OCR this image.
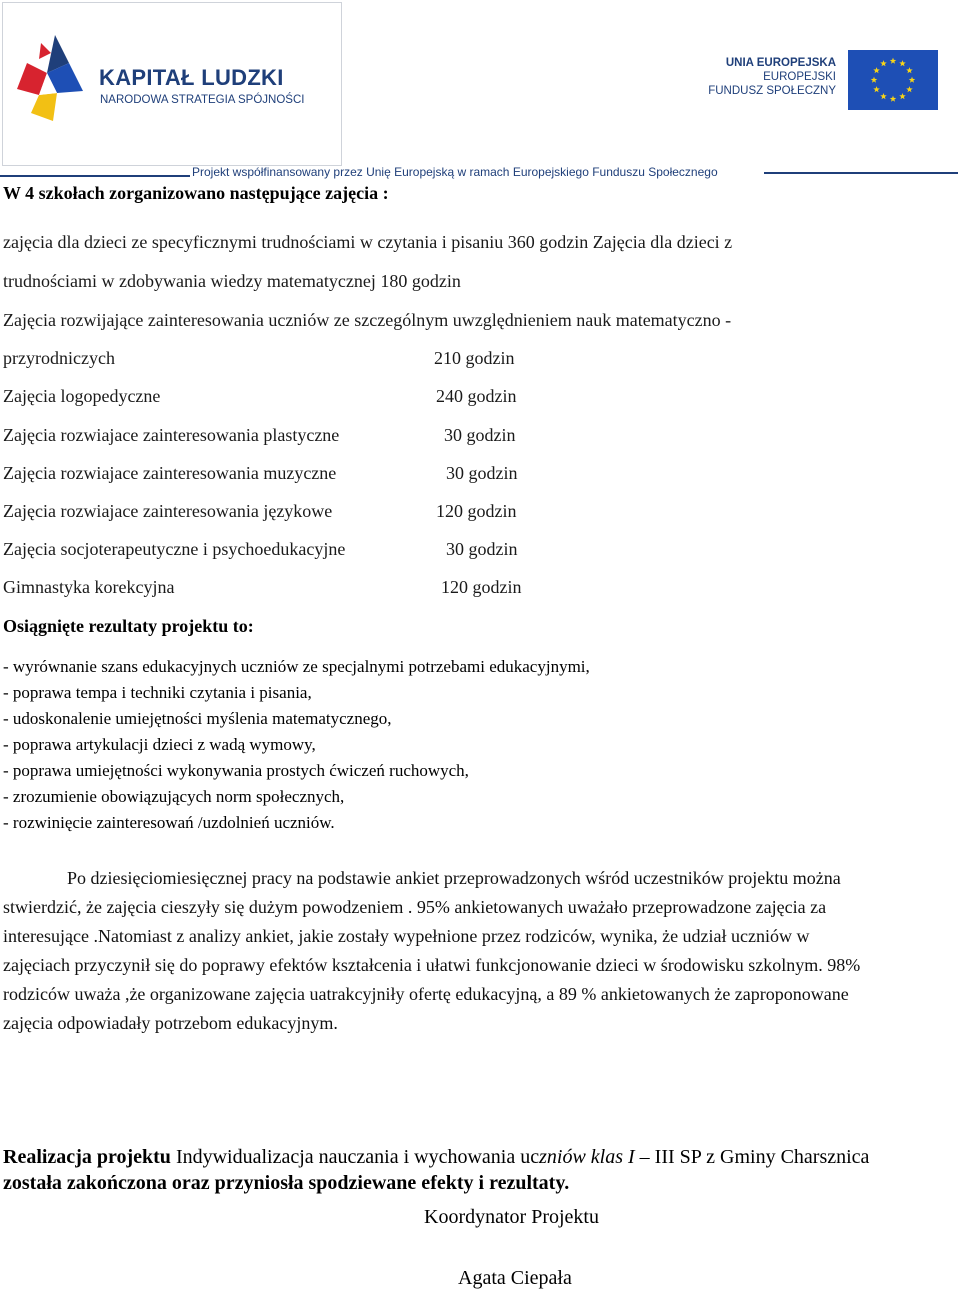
KAPITAŁ LUDZKI
NARODOWA STRATEGIA SPÓJNOŚCI
UNIA EUROPEJSKA
EUROPEJSKI
FUNDUSZ SPOŁECZNY
Projekt współfinansowany przez Unię Europejską w ramach Europejskiego Funduszu Społecznego
W 4 szkołach zorganizowano następujące zajęcia :
zajęcia dla dzieci ze specyficznymi trudnościami w czytania i pisaniu 360 godzin Zajęcia dla dzieci z
trudnościami w zdobywania wiedzy matematycznej 180 godzin
Zajęcia rozwijające zainteresowania uczniów ze szczególnym uwzględnieniem nauk matematyczno -
przyrodniczych	210 godzin
Zajęcia logopedyczne	240 godzin
Zajęcia rozwiajace zainteresowania plastyczne	30 godzin
Zajęcia rozwiajace zainteresowania muzyczne	30 godzin
Zajęcia rozwiajace zainteresowania językowe	120 godzin
Zajęcia socjoterapeutyczne i psychoedukacyjne	30 godzin
Gimnastyka korekcyjna	120 godzin
Osiągnięte rezultaty projektu to:
- wyrównanie szans edukacyjnych uczniów ze specjalnymi potrzebami edukacyjnymi,
- poprawa tempa i techniki czytania i pisania,
- udoskonalenie umiejętności myślenia matematycznego,
- poprawa artykulacji dzieci z wadą wymowy,
- poprawa umiejętności wykonywania prostych ćwiczeń ruchowych,
- zrozumienie obowiązujących norm społecznych,
- rozwinięcie zainteresowań /uzdolnień uczniów.
Po dziesięciomiesięcznej pracy na podstawie ankiet przeprowadzonych wśród uczestników projektu można stwierdzić, że zajęcia cieszyły się dużym powodzeniem . 95% ankietowanych uważało przeprowadzone zajęcia za interesujące .Natomiast z analizy ankiet, jakie zostały wypełnione przez rodziców, wynika, że udział uczniów w zajęciach przyczynił się do poprawy efektów kształcenia i ułatwi funkcjonowanie dzieci w środowisku szkolnym. 98% rodziców uważa ,że organizowane zajęcia uatrakcyjniły ofertę edukacyjną, a 89 % ankietowanych że zaproponowane zajęcia odpowiadały potrzebom edukacyjnym.
Realizacja projektu Indywidualizacja nauczania i wychowania uczniów klas I – III SP z Gminy Charsznica została zakończona oraz przyniosła spodziewane efekty i rezultaty.
Koordynator Projektu
Agata Ciepała
